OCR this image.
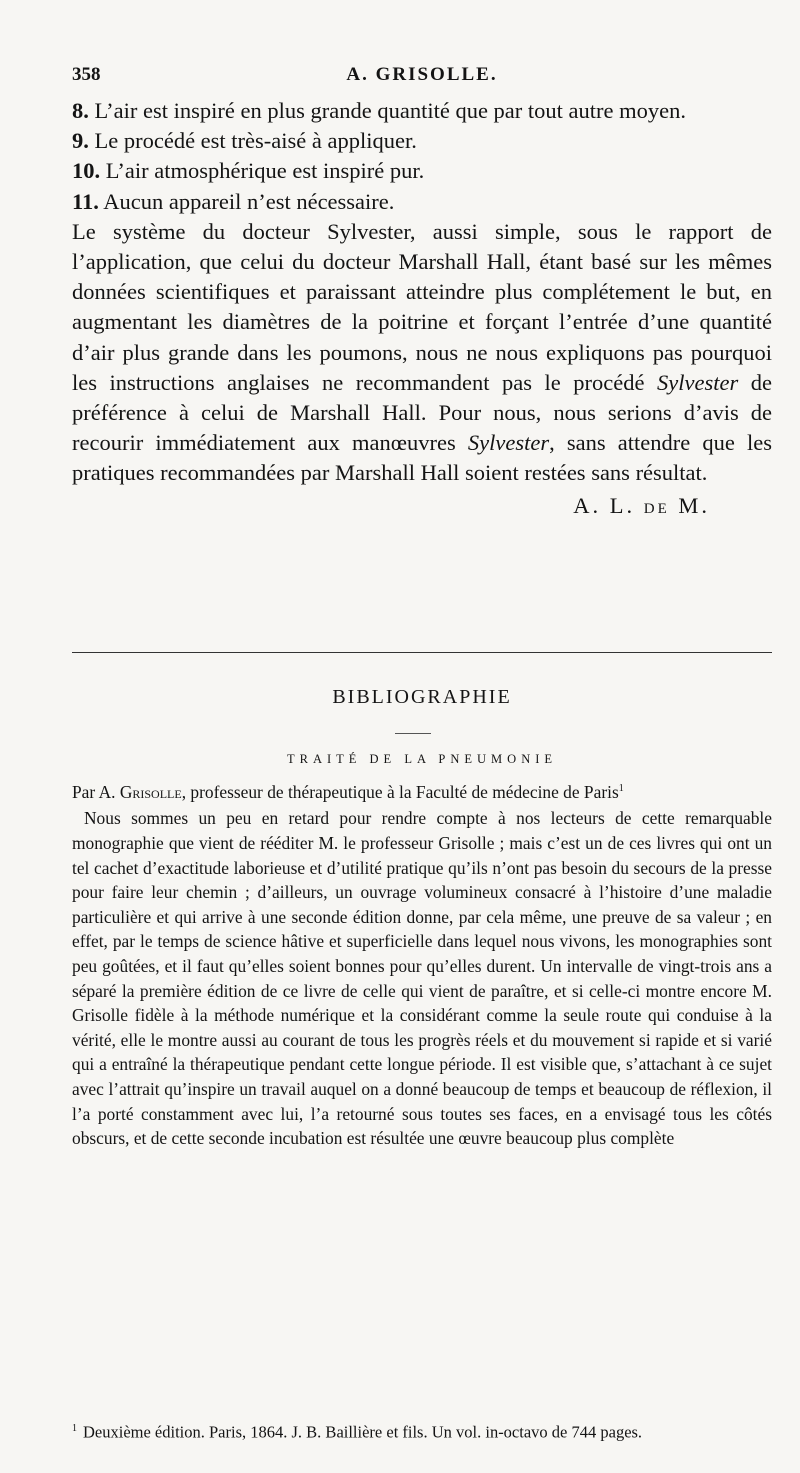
358	A. GRISOLLE.

8. L’air est inspiré en plus grande quantité que par tout autre moyen.

9. Le procédé est très-aisé à appliquer.

10. L’air atmosphérique est inspiré pur.

11. Aucun appareil n’est nécessaire.

Le système du docteur Sylvester, aussi simple, sous le rapport de l’application, que celui du docteur Marshall Hall, étant basé sur les mêmes données scientifiques et paraissant atteindre plus complétement le but, en augmentant les diamètres de la poitrine et forçant l’entrée d’une quantité d’air plus grande dans les poumons, nous ne nous expliquons pas pourquoi les instructions anglaises ne recommandent pas le procédé Sylvester de préférence à celui de Marshall Hall. Pour nous, nous serions d’avis de recourir immédiatement aux manœuvres Sylvester, sans attendre que les pratiques recommandées par Marshall Hall soient restées sans résultat.

A. L. DE M.

BIBLIOGRAPHIE
TRAITÉ DE LA PNEUMONIE

Par A. Grisolle, professeur de thérapeutique à la Faculté de médecine de Paris$^1$

Nous sommes un peu en retard pour rendre compte à nos lecteurs de cette remarquable monographie que vient de rééditer M. le professeur Grisolle ; mais c’est un de ces livres qui ont un tel cachet d’exactitude laborieuse et d’utilité pratique qu’ils n’ont pas besoin du secours de la presse pour faire leur chemin ; d’ailleurs, un ouvrage volumineux consacré à l’histoire d’une maladie particulière et qui arrive à une seconde édition donne, par cela même, une preuve de sa valeur ; en effet, par le temps de science hâtive et superficielle dans lequel nous vivons, les monographies sont peu goûtées, et il faut qu’elles soient bonnes pour qu’elles durent. Un intervalle de vingt-trois ans a séparé la première édition de ce livre de celle qui vient de paraître, et si celle-ci montre encore M. Grisolle fidèle à la méthode numérique et la considérant comme la seule route qui conduise à la vérité, elle le montre aussi au courant de tous les progrès réels et du mouvement si rapide et si varié qui a entraîné la thérapeutique pendant cette longue période. Il est visible que, s’attachant à ce sujet avec l’attrait qu’inspire un travail auquel on a donné beaucoup de temps et beaucoup de réflexion, il l’a porté constamment avec lui, l’a retourné sous toutes ses faces, en a envisagé tous les côtés obscurs, et de cette seconde incubation est résultée une œuvre beaucoup plus complète

$^1$ Deuxième édition. Paris, 1864. J. B. Baillière et fils. Un vol. in-octavo de 744 pages.
